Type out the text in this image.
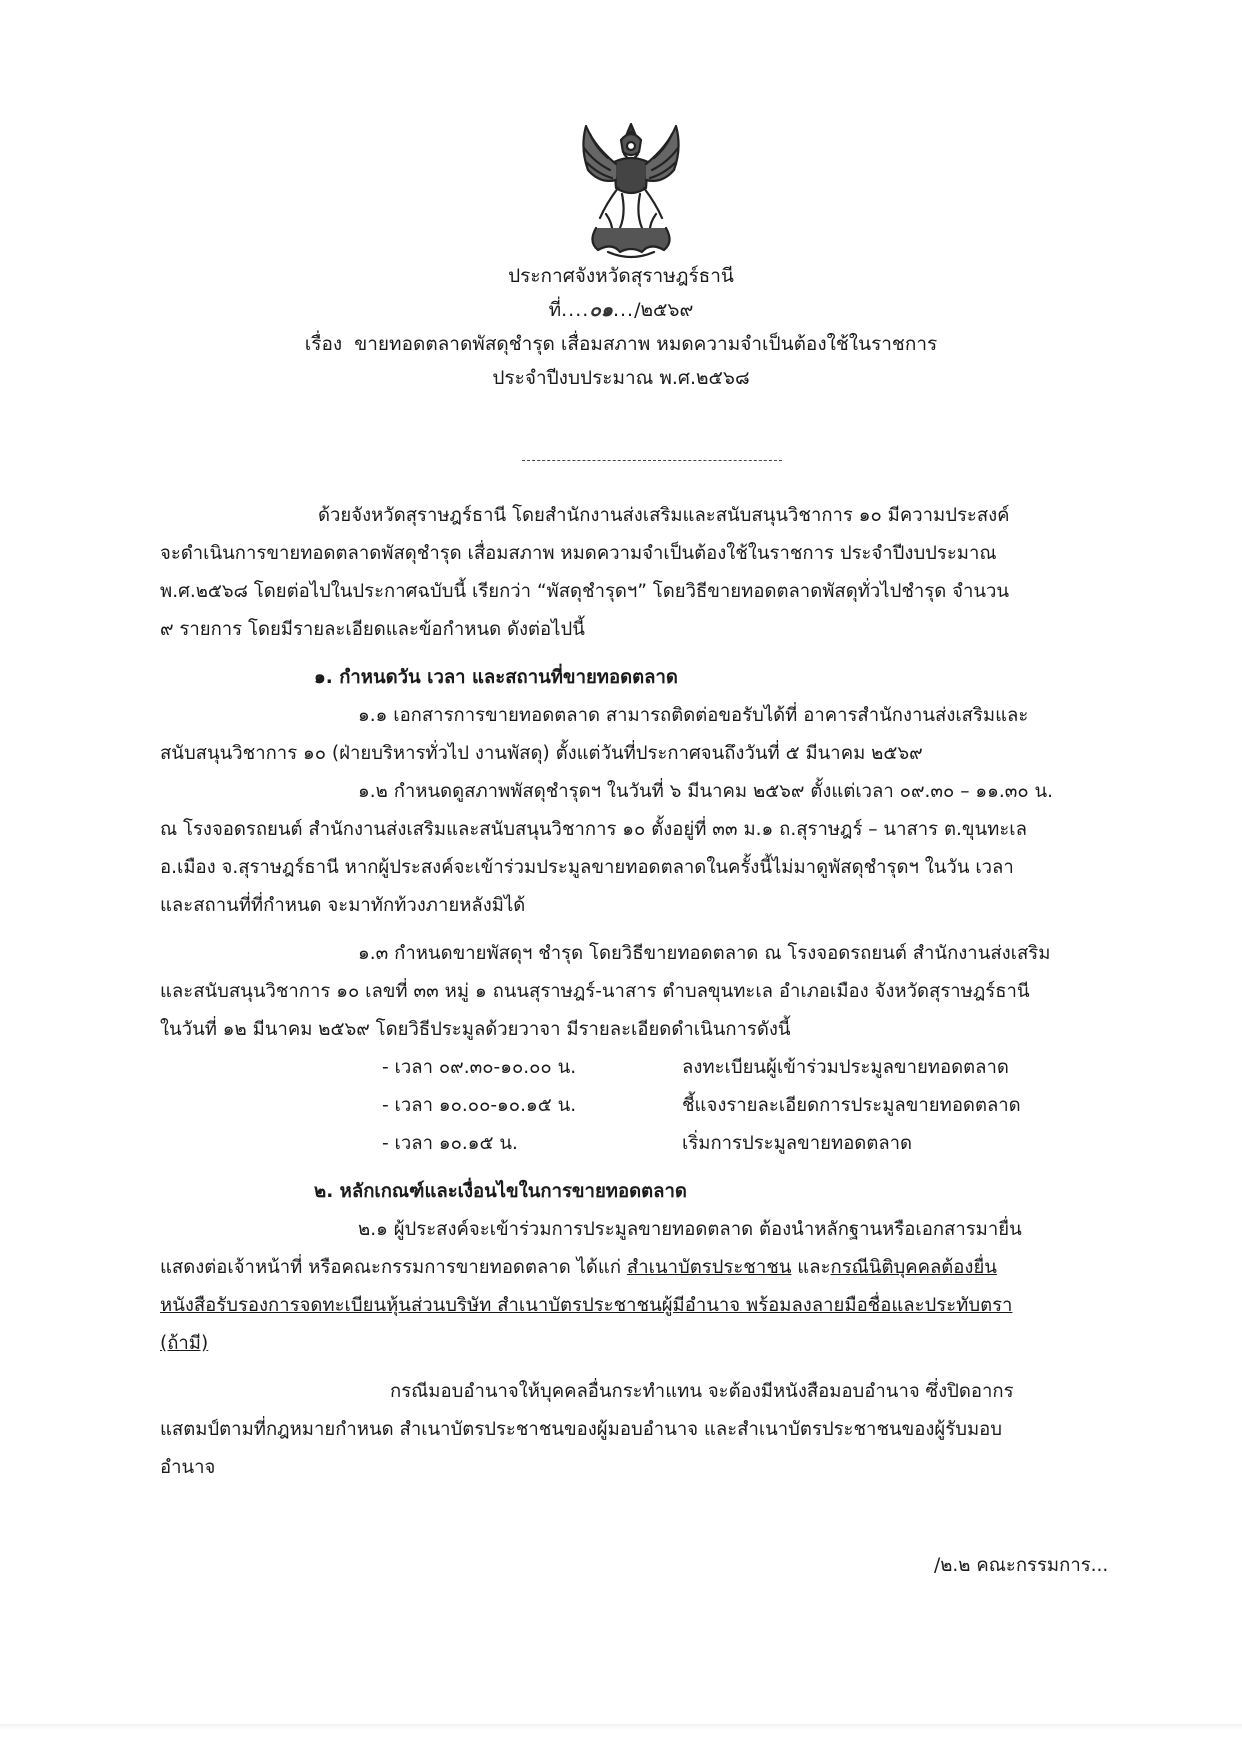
ประกาศจังหวัดสุราษฎร์ธานี
ที่....๐๑.../๒๕๖๙
เรื่อง ขายทอดตลาดพัสดุชำรุด เสื่อมสภาพ หมดความจำเป็นต้องใช้ในราชการ
ประจำปีงบประมาณ พ.ศ.๒๕๖๘
ด้วยจังหวัดสุราษฎร์ธานี โดยสำนักงานส่งเสริมและสนับสนุนวิชาการ ๑๐ มีความประสงค์
จะดำเนินการขายทอดตลาดพัสดุชำรุด เสื่อมสภาพ หมดความจำเป็นต้องใช้ในราชการ ประจำปีงบประมาณ
พ.ศ.๒๕๖๘ โดยต่อไปในประกาศฉบับนี้ เรียกว่า “พัสดุชำรุดฯ” โดยวิธีขายทอดตลาดพัสดุทั่วไปชำรุด จำนวน
๙ รายการ โดยมีรายละเอียดและข้อกำหนด ดังต่อไปนี้
๑. กำหนดวัน เวลา และสถานที่ขายทอดตลาด
๑.๑ เอกสารการขายทอดตลาด สามารถติดต่อขอรับได้ที่ อาคารสำนักงานส่งเสริมและ
สนับสนุนวิชาการ ๑๐ (ฝ่ายบริหารทั่วไป งานพัสดุ) ตั้งแต่วันที่ประกาศจนถึงวันที่ ๕ มีนาคม ๒๕๖๙
๑.๒ กำหนดดูสภาพพัสดุชำรุดฯ ในวันที่ ๖ มีนาคม ๒๕๖๙ ตั้งแต่เวลา ๐๙.๓๐ – ๑๑.๓๐ น.
ณ โรงจอดรถยนต์ สำนักงานส่งเสริมและสนับสนุนวิชาการ ๑๐ ตั้งอยู่ที่ ๓๓ ม.๑ ถ.สุราษฎร์ – นาสาร ต.ขุนทะเล
อ.เมือง จ.สุราษฎร์ธานี หากผู้ประสงค์จะเข้าร่วมประมูลขายทอดตลาดในครั้งนี้ไม่มาดูพัสดุชำรุดฯ ในวัน เวลา
และสถานที่ที่กำหนด จะมาทักท้วงภายหลังมิได้
๑.๓ กำหนดขายพัสดุฯ ชำรุด โดยวิธีขายทอดตลาด ณ โรงจอดรถยนต์ สำนักงานส่งเสริม
และสนับสนุนวิชาการ ๑๐ เลขที่ ๓๓ หมู่ ๑ ถนนสุราษฎร์-นาสาร ตำบลขุนทะเล อำเภอเมือง จังหวัดสุราษฎร์ธานี
ในวันที่ ๑๒ มีนาคม ๒๕๖๙ โดยวิธีประมูลด้วยวาจา มีรายละเอียดดำเนินการดังนี้
- เวลา ๐๙.๓๐-๑๐.๐๐ น.	ลงทะเบียนผู้เข้าร่วมประมูลขายทอดตลาด
- เวลา ๑๐.๐๐-๑๐.๑๕ น.	ชี้แจงรายละเอียดการประมูลขายทอดตลาด
- เวลา ๑๐.๑๕ น.	เริ่มการประมูลขายทอดตลาด
๒. หลักเกณฑ์และเงื่อนไขในการขายทอดตลาด
๒.๑ ผู้ประสงค์จะเข้าร่วมการประมูลขายทอดตลาด ต้องนำหลักฐานหรือเอกสารมายื่น
แสดงต่อเจ้าหน้าที่ หรือคณะกรรมการขายทอดตลาด ได้แก่ สำเนาบัตรประชาชน และกรณีนิติบุคคลต้องยื่น
หนังสือรับรองการจดทะเบียนหุ้นส่วนบริษัท สำเนาบัตรประชาชนผู้มีอำนาจ พร้อมลงลายมือชื่อและประทับตรา
(ถ้ามี)
กรณีมอบอำนาจให้บุคคลอื่นกระทำแทน จะต้องมีหนังสือมอบอำนาจ ซึ่งปิดอากร
แสตมป์ตามที่กฎหมายกำหนด สำเนาบัตรประชาชนของผู้มอบอำนาจ และสำเนาบัตรประชาชนของผู้รับมอบ
อำนาจ
/๒.๒ คณะกรรมการ...
